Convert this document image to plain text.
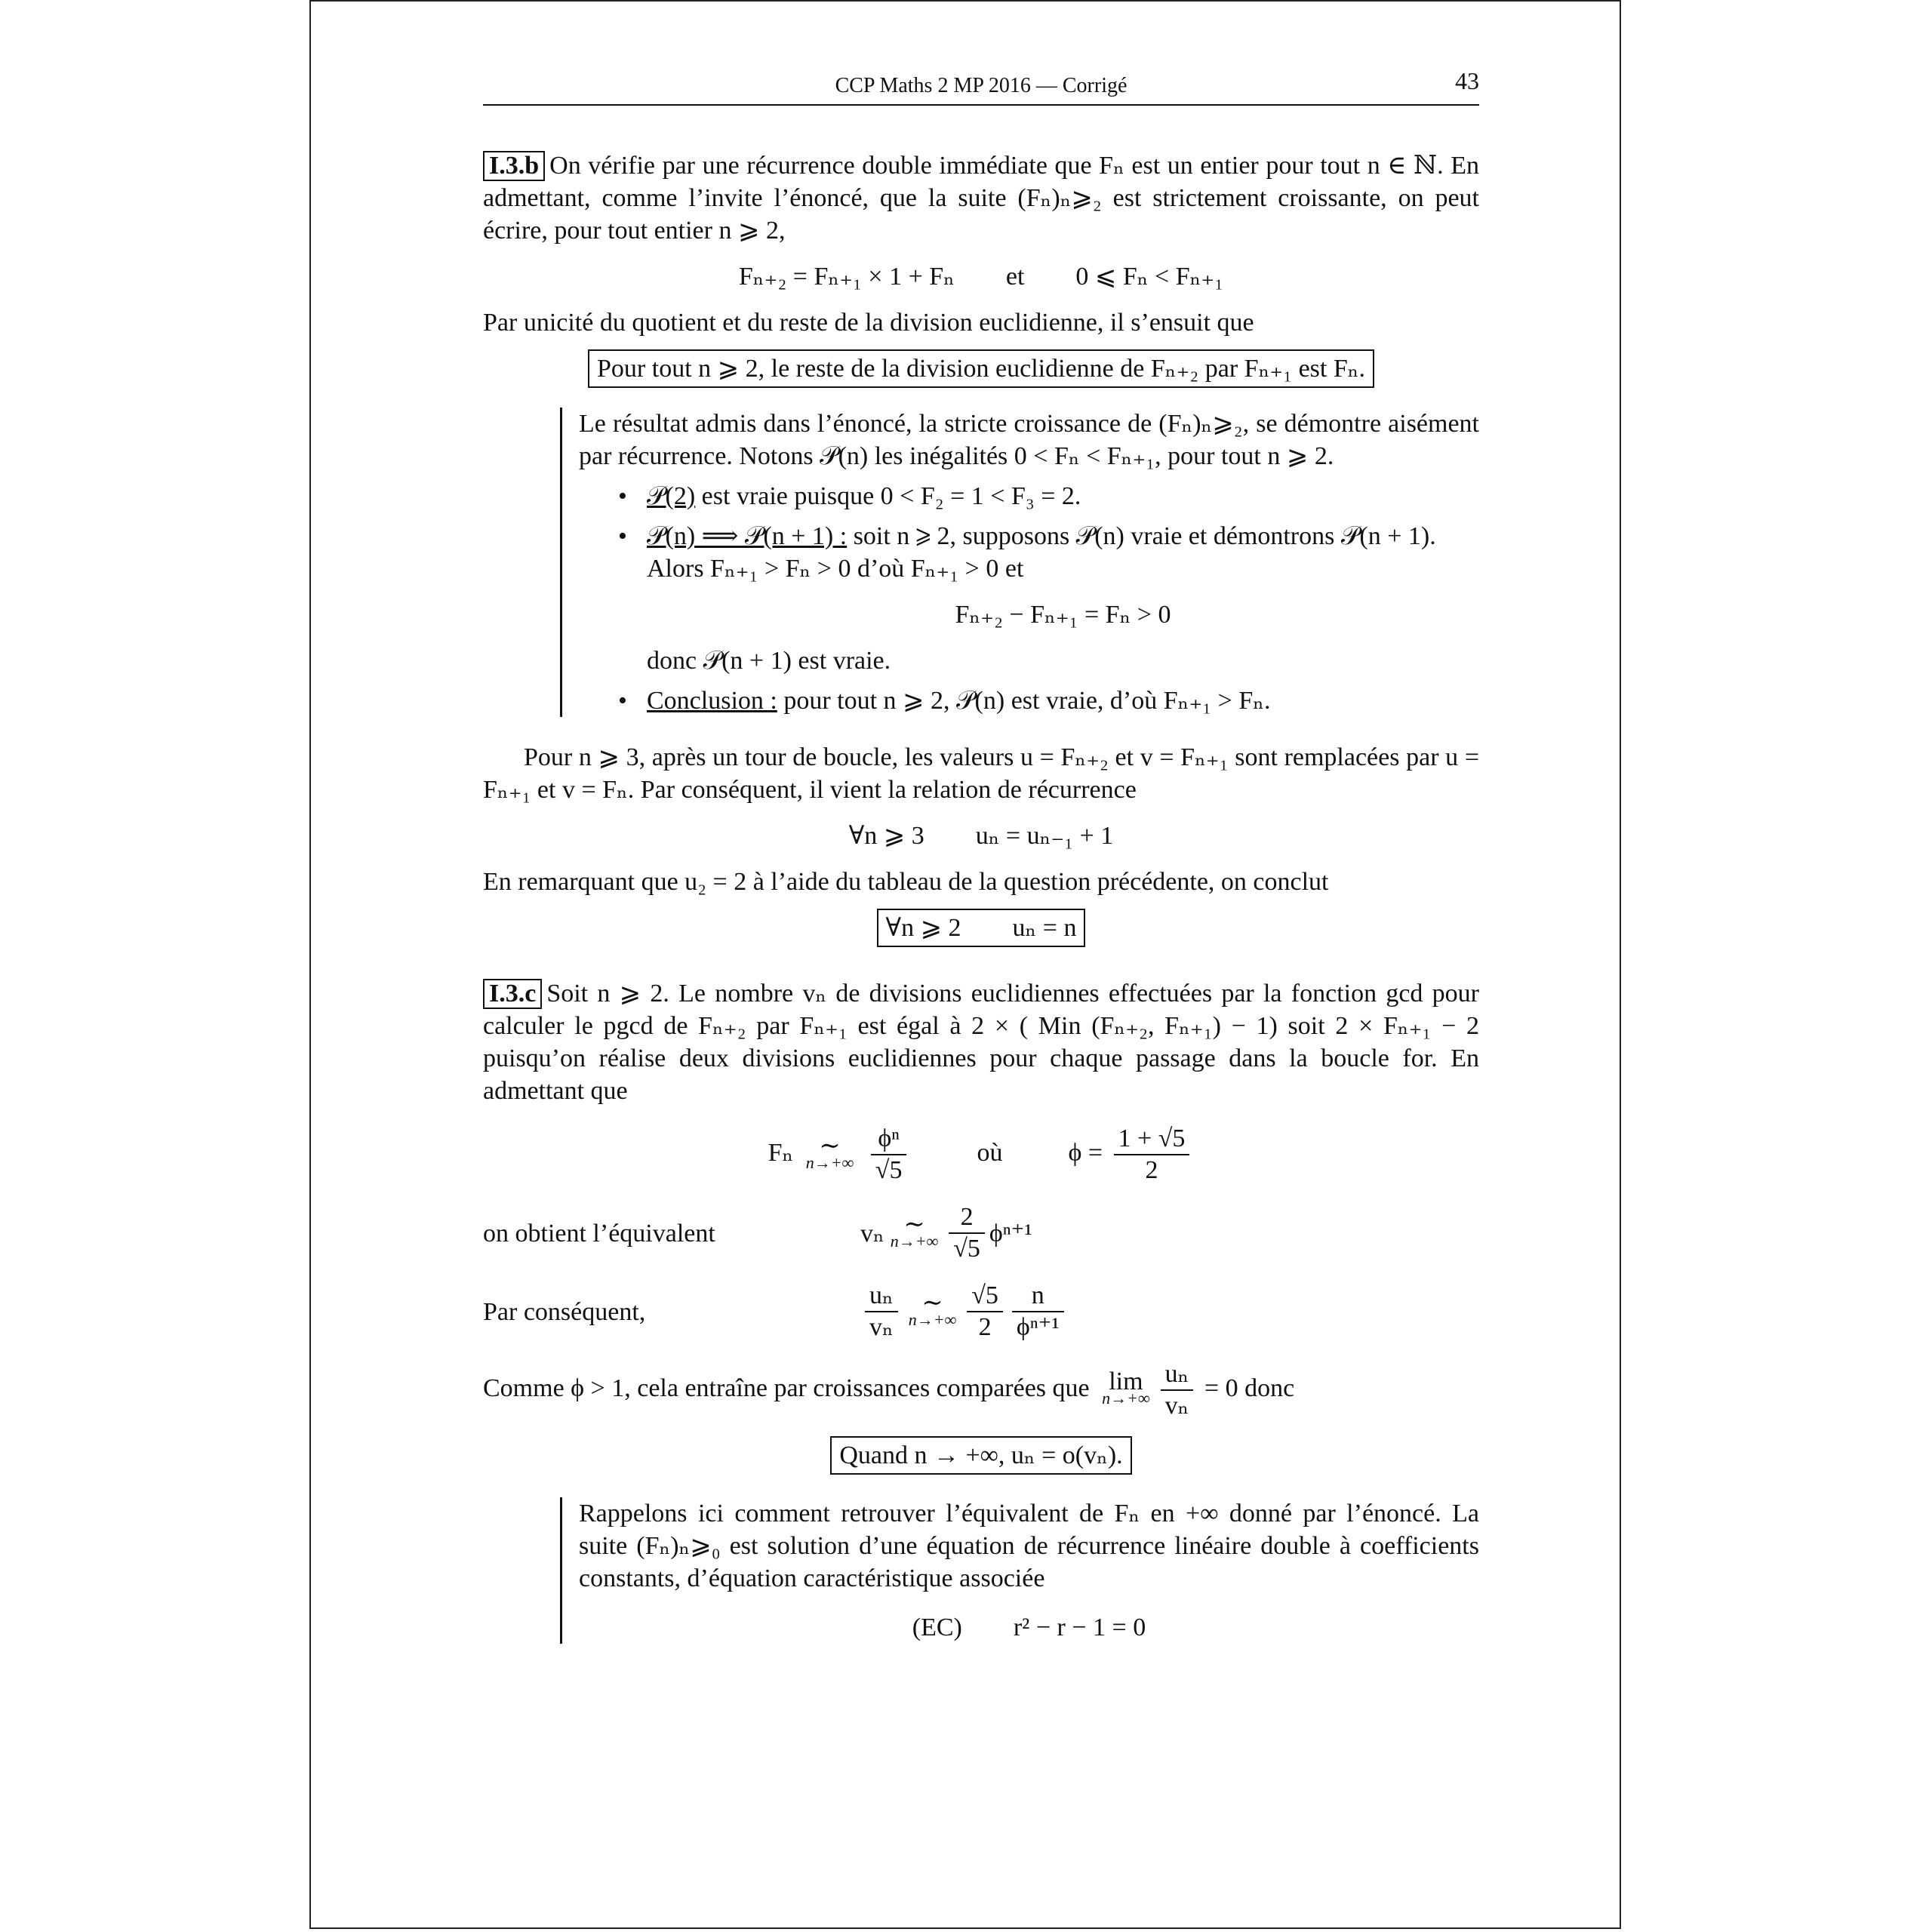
CCP Maths 2 MP 2016 — Corrigé	43

I.3.b On vérifie par une récurrence double immédiate que Fₙ est un entier pour tout n ∈ ℕ. En admettant, comme l’invite l’énoncé, que la suite (Fₙ)ₙ⩾₂ est strictement croissante, on peut écrire, pour tout entier n ⩾ 2,

Fₙ₊₂ = Fₙ₊₁ × 1 + Fₙ        et        0 ⩽ Fₙ < Fₙ₊₁

Par unicité du quotient et du reste de la division euclidienne, il s’ensuit que

Pour tout n ⩾ 2, le reste de la division euclidienne de Fₙ₊₂ par Fₙ₊₁ est Fₙ.

Le résultat admis dans l’énoncé, la stricte croissance de (Fₙ)ₙ⩾₂, se démontre aisément par récurrence. Notons 𝒫(n) les inégalités 0 < Fₙ < Fₙ₊₁, pour tout n ⩾ 2.

• 𝒫(2) est vraie puisque 0 < F₂ = 1 < F₃ = 2.
• 𝒫(n) ⟹ 𝒫(n + 1) : soit n ⩾ 2, supposons 𝒫(n) vraie et démontrons 𝒫(n + 1). Alors Fₙ₊₁ > Fₙ > 0 d’où Fₙ₊₁ > 0 et
Fₙ₊₂ − Fₙ₊₁ = Fₙ > 0
donc 𝒫(n + 1) est vraie.
• Conclusion : pour tout n ⩾ 2, 𝒫(n) est vraie, d’où Fₙ₊₁ > Fₙ.

Pour n ⩾ 3, après un tour de boucle, les valeurs u = Fₙ₊₂ et v = Fₙ₊₁ sont remplacées par u = Fₙ₊₁ et v = Fₙ. Par conséquent, il vient la relation de récurrence

∀n ⩾ 3        uₙ = uₙ₋₁ + 1

En remarquant que u₂ = 2 à l’aide du tableau de la question précédente, on conclut

∀n ⩾ 2        uₙ = n

I.3.c Soit n ⩾ 2. Le nombre vₙ de divisions euclidiennes effectuées par la fonction gcd pour calculer le pgcd de Fₙ₊₂ par Fₙ₊₁ est égal à 2 × ( Min (Fₙ₊₂, Fₙ₊₁) − 1) soit 2 × Fₙ₊₁ − 2 puisqu’on réalise deux divisions euclidiennes pour chaque passage dans la boucle for. En admettant que

Fₙ	∼
n→+∞
$\frac{\text{ϕⁿ}}{√5}$	où	$\phi = \frac{1 + √5}{2}$
on obtient l’équivalent	vₙ ∼
$n\to+\infty \frac{2}{√5} \phi^{n+1}$
Par conséquent,	$\frac{\text{uₙ}}{\text{vₙ}}$ ∼
$n\to+\infty \frac{√5}{2} \frac{n}{\text{ϕⁿ⁺¹}}$

Comme ϕ > 1, cela entraîne par croissances comparées que lim
$n\to+\infty \frac{\text{uₙ}}{\text{vₙ}} = 0$ donc

Quand n → +∞, uₙ = o(vₙ).

Rappelons ici comment retrouver l’équivalent de Fₙ en +∞ donné par l’énoncé. La suite (Fₙ)ₙ⩾₀ est solution d’une équation de récurrence linéaire double à coefficients constants, d’équation caractéristique associée

(EC)        r² − r − 1 = 0
